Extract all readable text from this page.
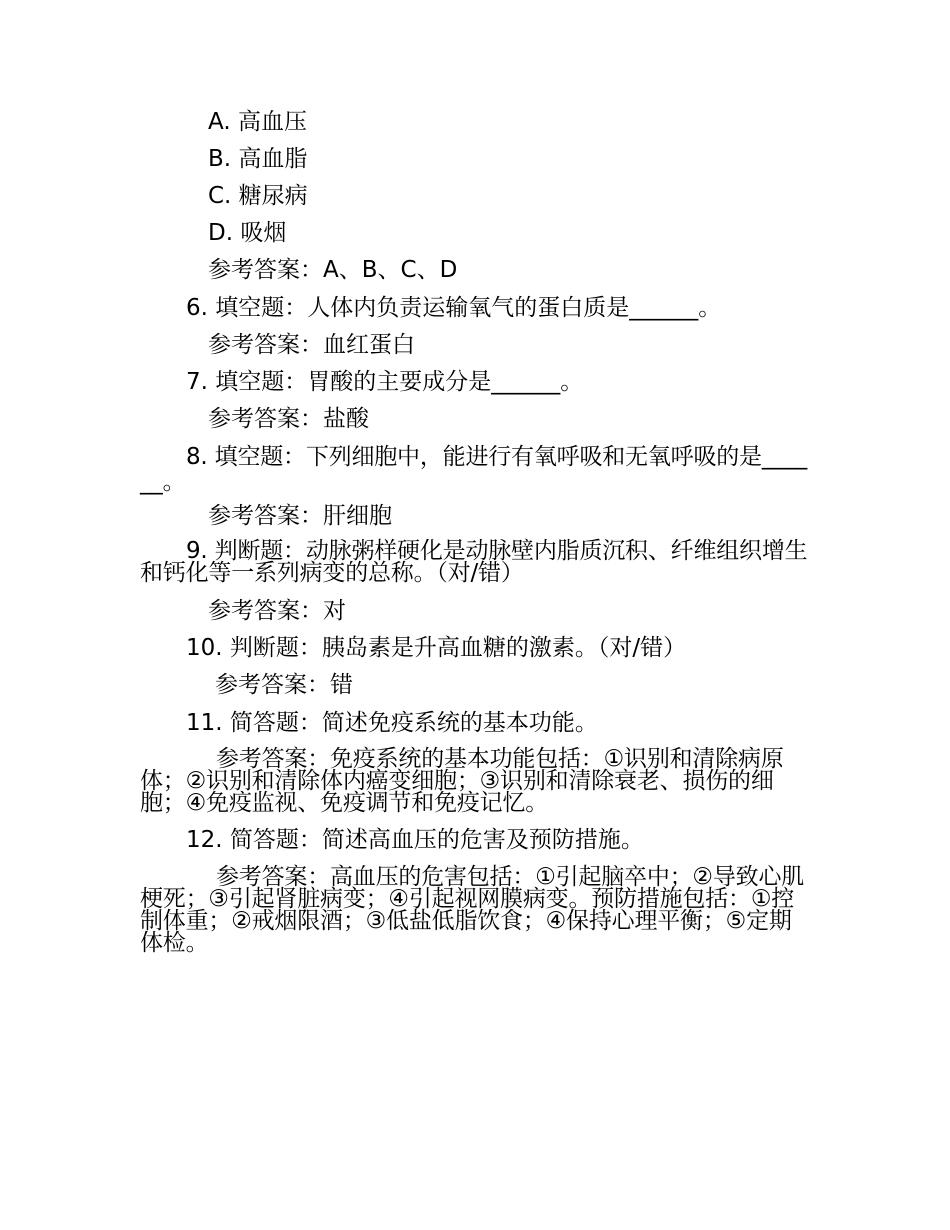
A. 高血压
B. 高血脂
C. 糖尿病
D. 吸烟
参考答案：A、B、C、D
6. 填空题：人体内负责运输氧气的蛋白质是______。
参考答案：血红蛋白
7. 填空题：胃酸的主要成分是______。
参考答案：盐酸
8. 填空题：下列细胞中，能进行有氧呼吸和无氧呼吸的是______。
参考答案：肝细胞
9. 判断题：动脉粥样硬化是动脉壁内脂质沉积、纤维组织增生和钙化等一系列病变的总称。（对/错）
参考答案：对
10. 判断题：胰岛素是升高血糖的激素。（对/错）
参考答案：错
11. 简答题：简述免疫系统的基本功能。
参考答案：免疫系统的基本功能包括：①识别和清除病原体；②识别和清除体内癌变细胞；③识别和清除衰老、损伤的细胞；④免疫监视、免疫调节和免疫记忆。
12. 简答题：简述高血压的危害及预防措施。
参考答案：高血压的危害包括：①引起脑卒中；②导致心肌梗死；③引起肾脏病变；④引起视网膜病变。预防措施包括：①控制体重；②戒烟限酒；③低盐低脂饮食；④保持心理平衡；⑤定期体检。
